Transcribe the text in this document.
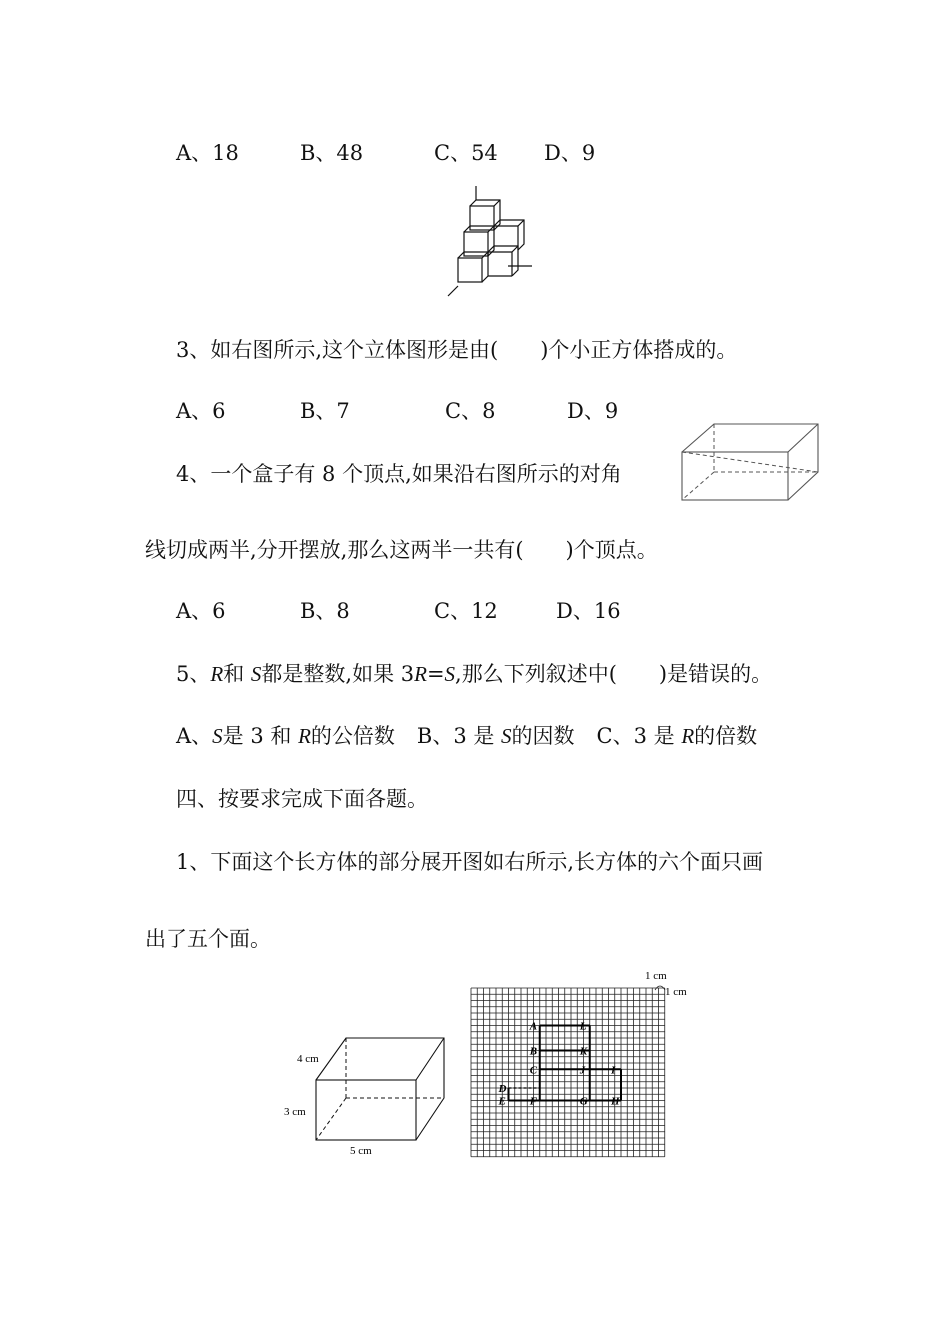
A、18	B、48	C、54 D、9
3、如右图所示,这个立体图形是由(　　)个小正方体搭成的。
A、6	B、7	C、8	D、9
4、一个盒子有 8 个顶点,如果沿右图所示的对角
线切成两半,分开摆放,那么这两半一共有(　　)个顶点。
A、6	B、8	C、12	D、16
5、R和 S都是整数,如果 3R=S,那么下列叙述中(　　)是错误的。
A、S是 3 和 R的公倍数 B、3 是 S的因数 C、3 是 R的倍数
四、按要求完成下面各题。
1、下面这个长方体的部分展开图如右所示,长方体的六个面只画
出了五个面。
4 cm
3 cm
5 cm
A	L
B	K
C	J I
D
E F	G H
1 cm
1 cm
